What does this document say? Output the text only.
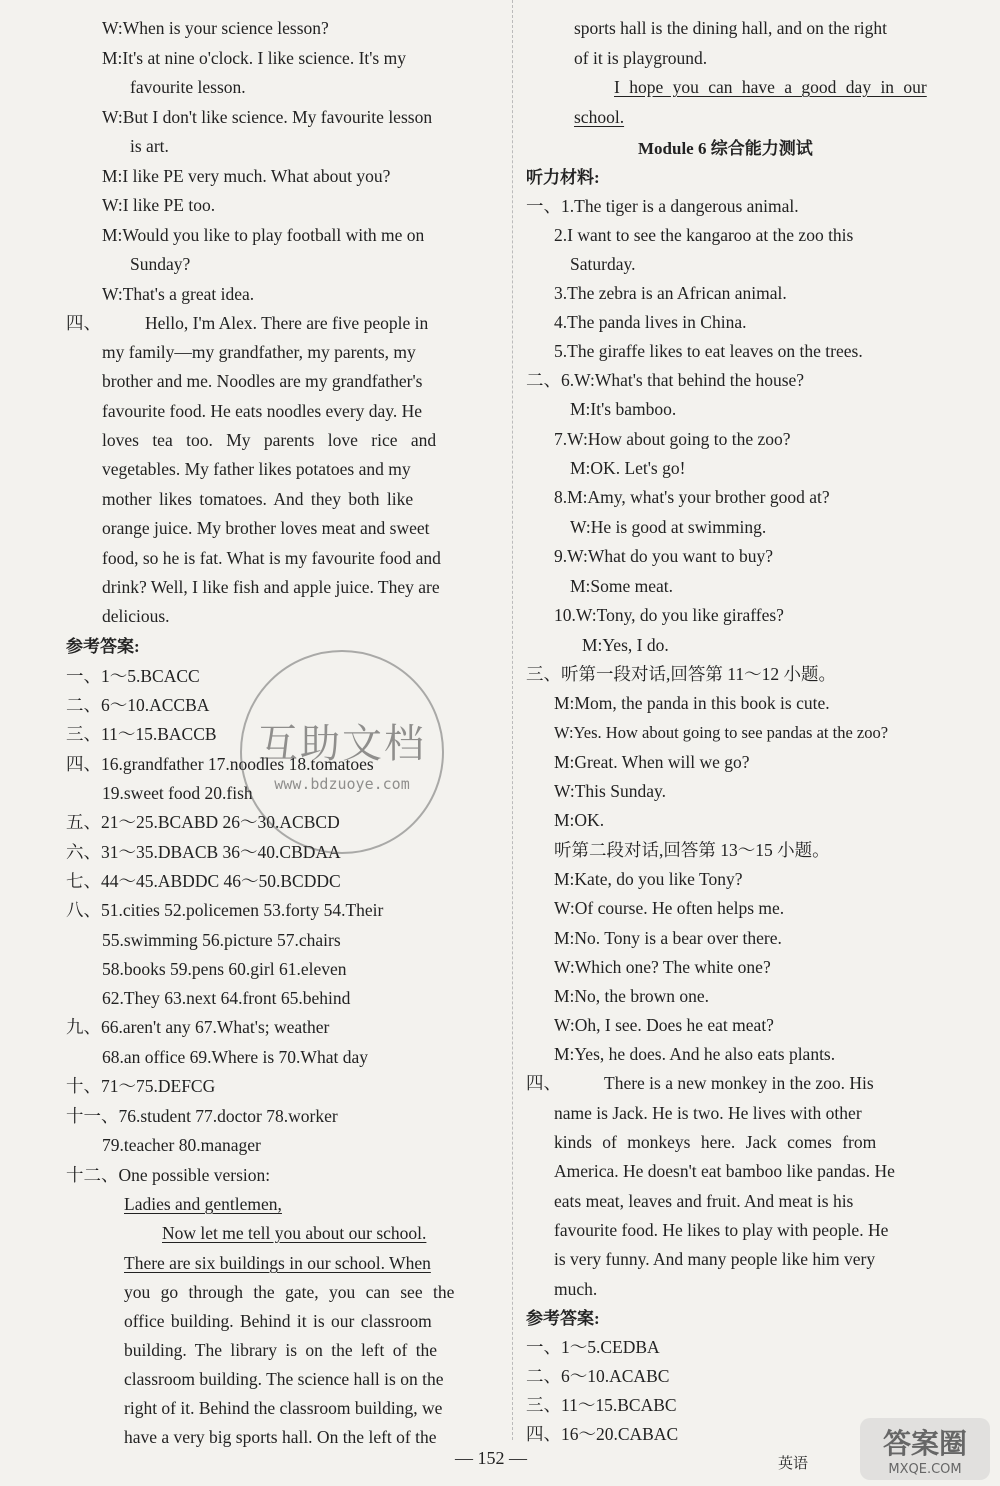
W:When is your science lesson?
M:It's at nine o'clock. I like science. It's my
favourite lesson.
W:But I don't like science. My favourite lesson
is art.
M:I like PE very much. What about you?
W:I like PE too.
M:Would you like to play football with me on
Sunday?
W:That's a great idea.
四、	Hello, I'm Alex. There are five people in
my family—my grandfather, my parents, my
brother and me. Noodles are my grandfather's
favourite food. He eats noodles every day. He
loves tea too. My parents love rice and
vegetables. My father likes potatoes and my
mother likes tomatoes. And they both like
orange juice. My brother loves meat and sweet
food, so he is fat. What is my favourite food and
drink? Well, I like fish and apple juice. They are
delicious.
参考答案:
一、1～5.BCACC
二、6～10.ACCBA
三、11～15.BACCB
四、16.grandfather 17.noodles 18.tomatoes
19.sweet food 20.fish
五、21～25.BCABD 26～30.ACBCD
六、31～35.DBACB 36～40.CBDAA
七、44～45.ABDDC 46～50.BCDDC
八、51.cities 52.policemen 53.forty 54.Their
55.swimming 56.picture 57.chairs
58.books 59.pens 60.girl 61.eleven
62.They 63.next 64.front 65.behind
九、66.aren't any 67.What's; weather
68.an office 69.Where is 70.What day
十、71～75.DEFCG
十一、76.student 77.doctor 78.worker
79.teacher 80.manager
十二、One possible version:
Ladies and gentlemen,
Now let me tell you about our school.
There are six buildings in our school. When
you go through the gate, you can see the
office building. Behind it is our classroom
building. The library is on the left of the
classroom building. The science hall is on the
right of it. Behind the classroom building, we
have a very big sports hall. On the left of the
sports hall is the dining hall, and on the right
of it is playground.
I hope you can have a good day in our
school.
Module 6 综合能力测试
听力材料:
一、1.The tiger is a dangerous animal.
2.I want to see the kangaroo at the zoo this
Saturday.
3.The zebra is an African animal.
4.The panda lives in China.
5.The giraffe likes to eat leaves on the trees.
二、6.W:What's that behind the house?
M:It's bamboo.
7.W:How about going to the zoo?
M:OK. Let's go!
8.M:Amy, what's your brother good at?
W:He is good at swimming.
9.W:What do you want to buy?
M:Some meat.
10.W:Tony, do you like giraffes?
M:Yes, I do.
三、听第一段对话,回答第 11～12 小题。
M:Mom, the panda in this book is cute.
W:Yes. How about going to see pandas at the zoo?
M:Great. When will we go?
W:This Sunday.
M:OK.
听第二段对话,回答第 13～15 小题。
M:Kate, do you like Tony?
W:Of course. He often helps me.
M:No. Tony is a bear over there.
W:Which one? The white one?
M:No, the brown one.
W:Oh, I see. Does he eat meat?
M:Yes, he does. And he also eats plants.
四、 There is a new monkey in the zoo. His
name is Jack. He is two. He lives with other
kinds of monkeys here. Jack comes from
America. He doesn't eat bamboo like pandas. He
eats meat, leaves and fruit. And meat is his
favourite food. He likes to play with people. He
is very funny. And many people like him very
much.
参考答案:
一、1～5.CEDBA
二、6～10.ACABC
三、11～15.BCABC
四、16～20.CABAC
互助文档
www.bdzuoye.com
— 152 —	英语
答案圈
MXQE.COM
